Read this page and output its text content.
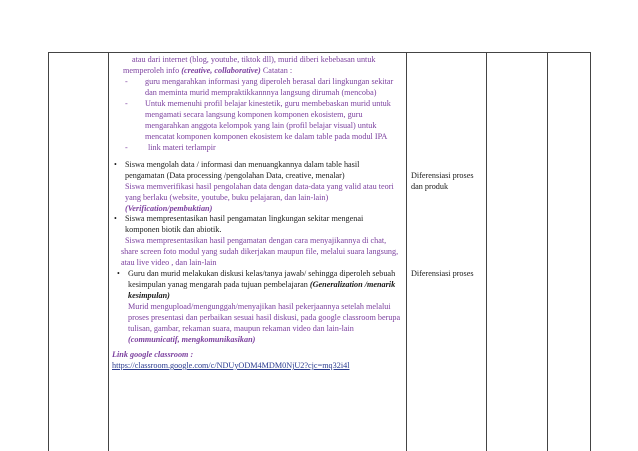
atau dari internet (blog, youtube, tiktok dll), murid diberi kebebasan untuk
memperoleh info (creative, collaborative) Catatan :
- guru mengarahkan informasi yang diperoleh berasal dari lingkungan sekitar
dan meminta murid mempraktikkannnya langsung dirumah (mencoba)
- Untuk memenuhi profil belajar kinestetik, guru membebaskan murid untuk
mengamati secara langsung komponen komponen ekosistem, guru
mengarahkan anggota kelompok yang lain (profil belajar visual) untuk
mencatat komponen komponen ekosistem ke dalam table pada modul IPA
- link materi terlampir
• Siswa mengolah data / informasi dan menuangkannya dalam table hasil
pengamatan (Data processing /pengolahan Data, creative, menalar)
Siswa memverifikasi hasil pengolahan data dengan data-data yang valid atau teori
yang berlaku (website, youtube, buku pelajaran, dan lain-lain)
(Verification/pembuktian)
• Siswa mempresentasikan hasil pengamatan lingkungan sekitar mengenai
komponen biotik dan abiotik.
Siswa mempresentasikan hasil pengamatan dengan cara menyajikannya di chat,
share screen foto modul yang sudah dikerjakan maupun file, melalui suara langsung,
atau live video , dan lain-lain
• Guru dan murid melakukan diskusi kelas/tanya jawab/ sehingga diperoleh sebuah
kesimpulan yanag mengarah pada tujuan pembelajaran (Generalization /menarik
kesimpulan)
Murid mengupload/mengunggah/menyajikan hasil pekerjaannya setelah melalui
proses presentasi dan perbaikan sesuai hasil diskusi, pada google classroom berupa
tulisan, gambar, rekaman suara, maupun rekaman video dan lain-lain
(communicatif, mengkomunikasikan)
Link google classroom :
https://classroom.google.com/c/NDUyODM4MDM0NjU2?cjc=mq32i4l
Diferensiasi proses
dan produk
Diferensiasi proses
